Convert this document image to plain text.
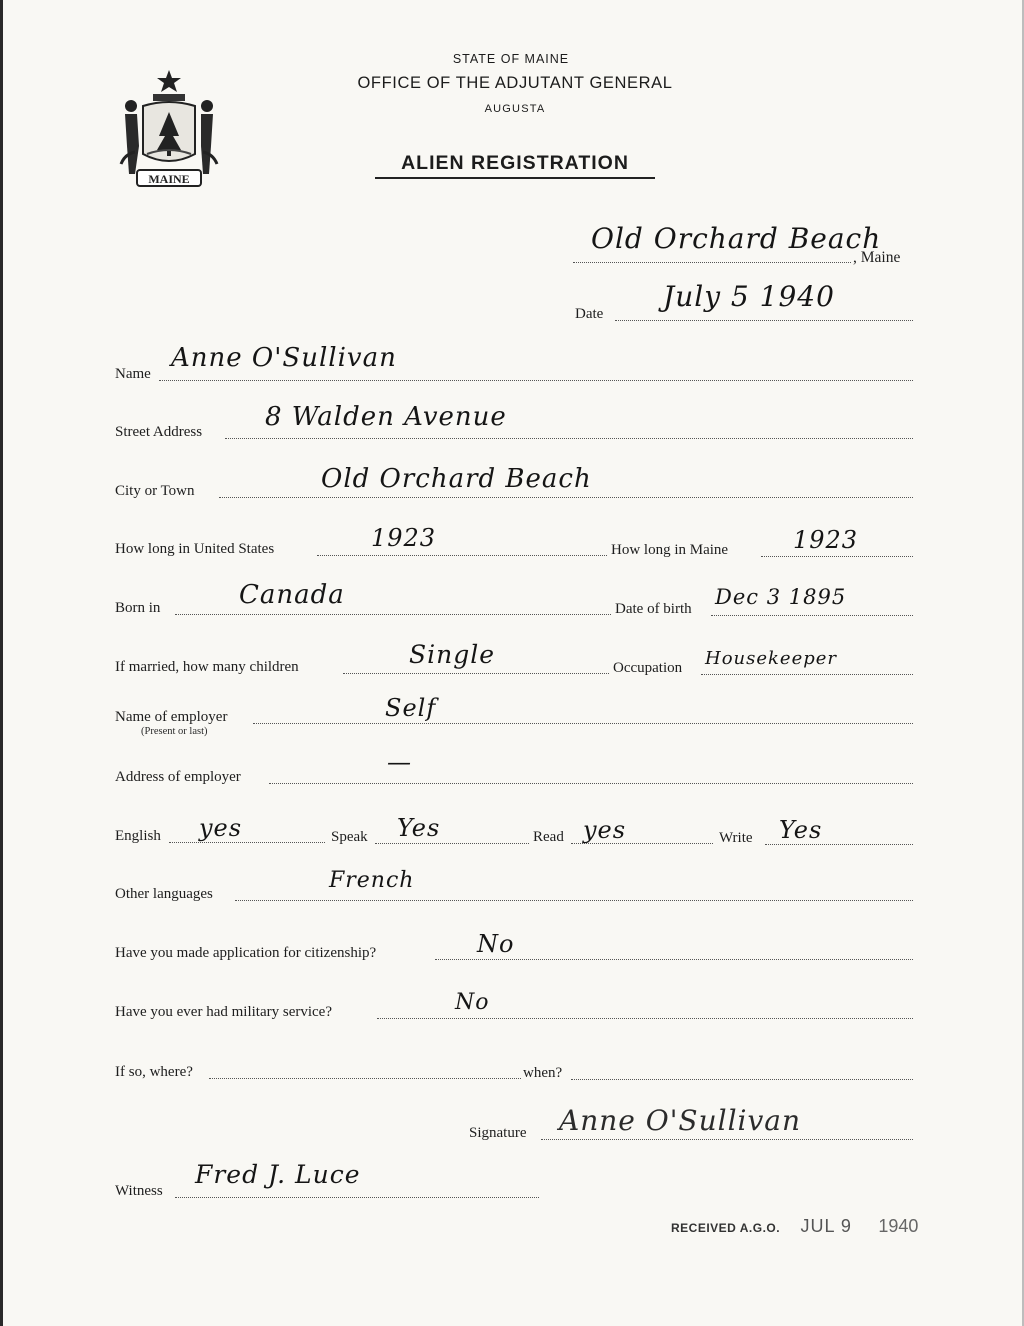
MAINE
STATE OF MAINE
OFFICE OF THE ADJUTANT GENERAL
AUGUSTA
ALIEN REGISTRATION
Old Orchard Beach
, Maine
Date
July 5 1940
Name
Anne O'Sullivan
Street Address 8 Walden Avenue
City or Town	Old Orchard Beach
How long in United States	1923	How long in Maine	1923
Born in	Canada	Date of birth Dec 3 1895
If married, how many children	Single	Occupation Housekeeper
Name of employer
(Present or last)
Self
Address of employer
—
English yes	Speak Yes	Read yes	Write Yes
Other languages
French
Have you made application for citizenship?	No
Have you ever had military service?	No
If so, where?	when?
Signature Anne O'Sullivan
Witness
Fred J. Luce
RECEIVED A.G.O. JUL 9 1940
